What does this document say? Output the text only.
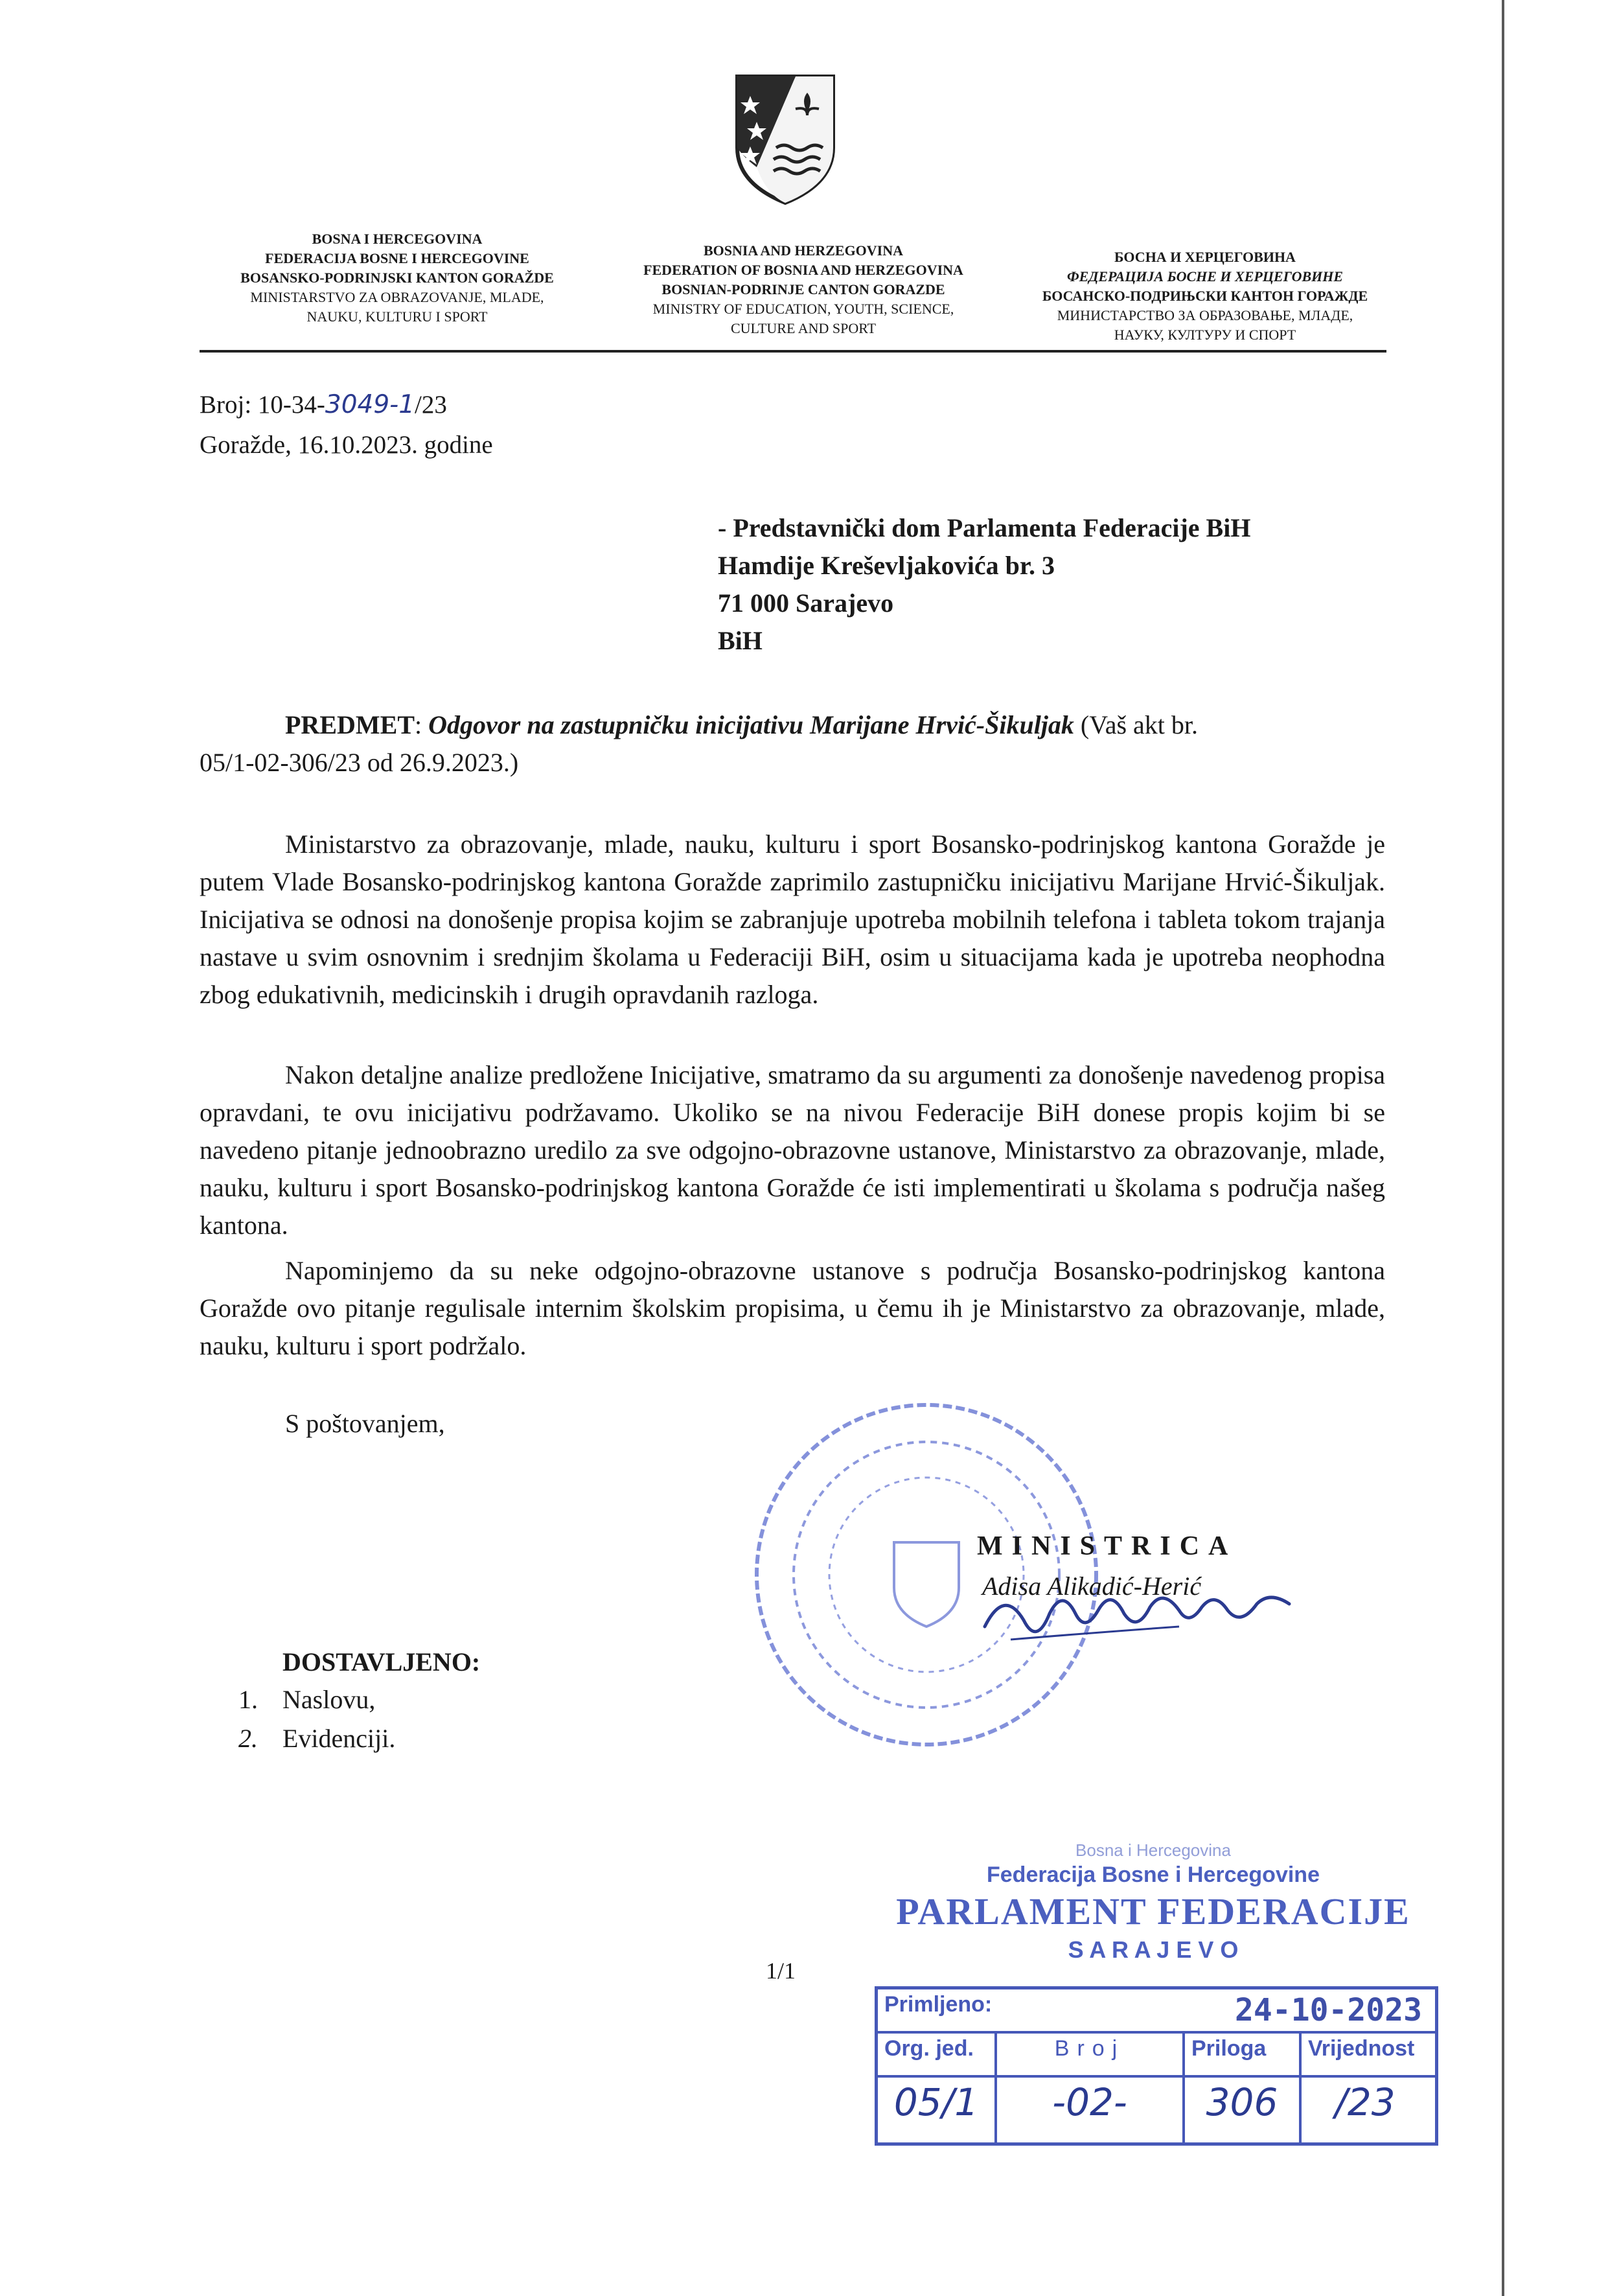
BOSNA I HERCEGOVINA
FEDERACIJA BOSNE I HERCEGOVINE
BOSANSKO-PODRINJSKI KANTON GORAŽDE
MINISTARSTVO ZA OBRAZOVANJE, MLADE,
NAUKU, KULTURU I SPORT
BOSNIA AND HERZEGOVINA
FEDERATION OF BOSNIA AND HERZEGOVINA
BOSNIAN-PODRINJE CANTON GORAZDE
MINISTRY OF EDUCATION, YOUTH, SCIENCE,
CULTURE AND SPORT
БОСНА И ХЕРЦЕГОВИНА
ФЕДЕРАЦИЈА БОСНЕ И ХЕРЦЕГОВИНЕ
БОСАНСКО-ПОДРИЊСКИ КАНТОН ГОРАЖДЕ
МИНИСТАРСТВО ЗА ОБРАЗОВАЊЕ, МЛАДЕ,
НАУКУ, КУЛТУРУ И СПОРТ
Broj: 10-34-3049-1/23
Goražde, 16.10.2023. godine
- Predstavnički dom Parlamenta Federacije BiH
Hamdije Kreševljakovića br. 3
71 000 Sarajevo
BiH
PREDMET: Odgovor na zastupničku inicijativu Marijane Hrvić-Šikuljak (Vaš akt br.
05/1-02-306/23 od 26.9.2023.)
Ministarstvo za obrazovanje, mlade, nauku, kulturu i sport Bosansko-podrinjskog kantona Goražde je putem Vlade Bosansko-podrinjskog kantona Goražde zaprimilo zastupničku inicijativu Marijane Hrvić-Šikuljak. Inicijativa se odnosi na donošenje propisa kojim se zabranjuje upotreba mobilnih telefona i tableta tokom trajanja nastave u svim osnovnim i srednjim školama u Federaciji BiH, osim u situacijama kada je upotreba neophodna zbog edukativnih, medicinskih i drugih opravdanih razloga.
Nakon detaljne analize predložene Inicijative, smatramo da su argumenti za donošenje navedenog propisa opravdani, te ovu inicijativu podržavamo. Ukoliko se na nivou Federacije BiH donese propis kojim bi se navedeno pitanje jednoobrazno uredilo za sve odgojno-obrazovne ustanove, Ministarstvo za obrazovanje, mlade, nauku, kulturu i sport Bosansko-podrinjskog kantona Goražde će isti implementirati u školama s područja našeg kantona.
Napominjemo da su neke odgojno-obrazovne ustanove s područja Bosansko-podrinjskog kantona Goražde ovo pitanje regulisale internim školskim propisima, u čemu ih je Ministarstvo za obrazovanje, mlade, nauku, kulturu i sport podržalo.
S poštovanjem,
MINISTRICA
Adisa Alikadić-Herić
DOSTAVLJENO:
1. Naslovu,
2. Evidenciji.
1/1
Bosna i Hercegovina
Federacija Bosne i Hercegovine
PARLAMENT FEDERACIJE
S A R A J E V O
Primljeno:	24-10-2023
Org. jed.	Broj	Priloga	Vrijednost
05/1	-02-	306	/23
